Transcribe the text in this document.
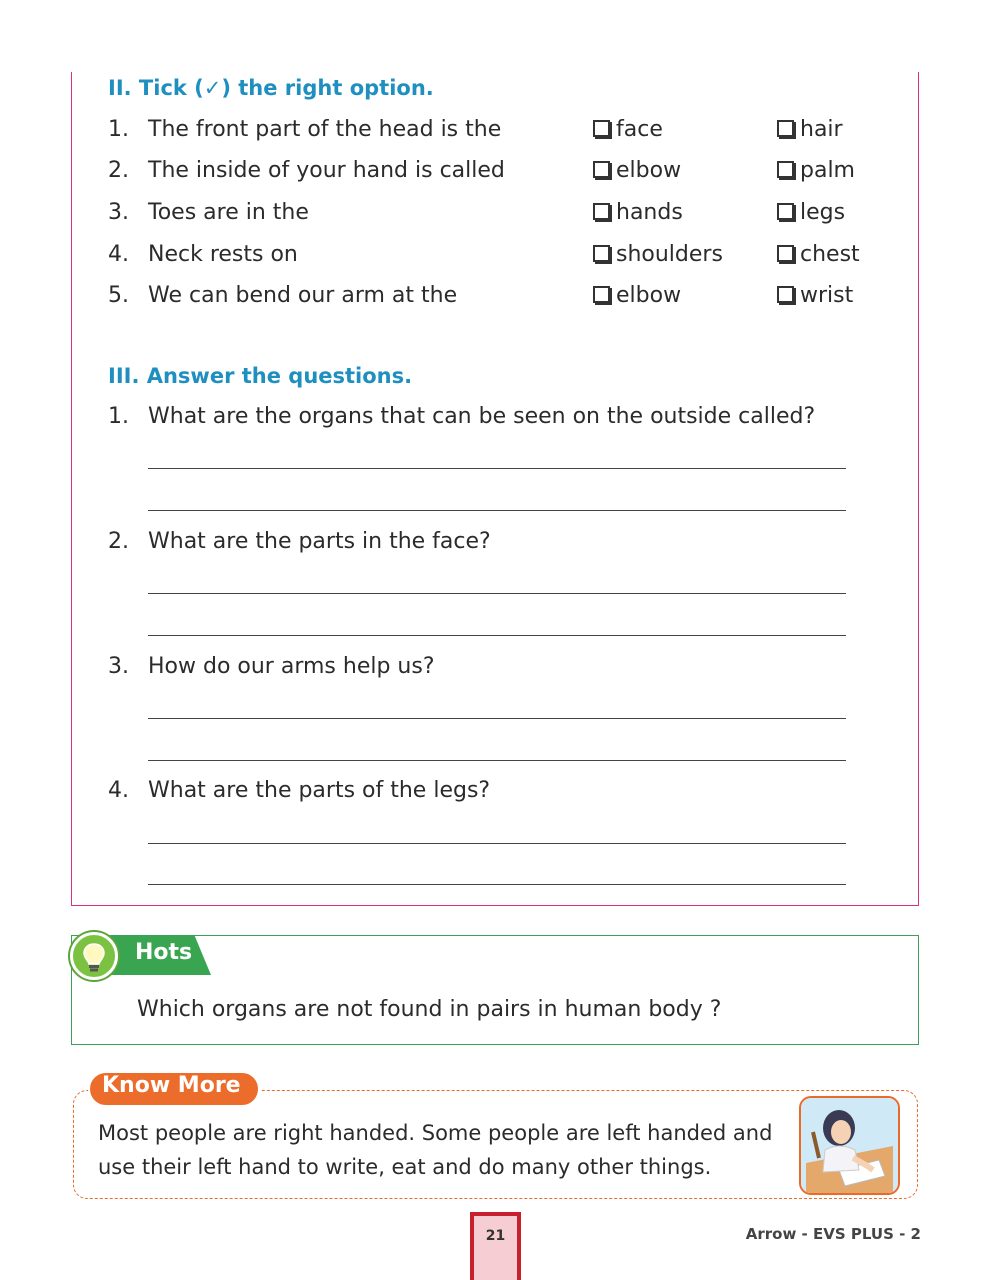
II. Tick (✓) the right option.
1. The front part of the head is the	face	hair
2. The inside of your hand is called	elbow	palm
3. Toes are in the	hands	legs
4. Neck rests on	shoulders	chest
5. We can bend our arm at the	elbow	wrist
III. Answer the questions.
1. What are the organs that can be seen on the outside called?
2. What are the parts in the face?
3. How do our arms help us?
4. What are the parts of the legs?
Hots
Which organs are not found in pairs in human body ?
Know More
Most people are right handed. Some people are left handed and
use their left hand to write, eat and do many other things.
21	Arrow - EVS PLUS - 2
